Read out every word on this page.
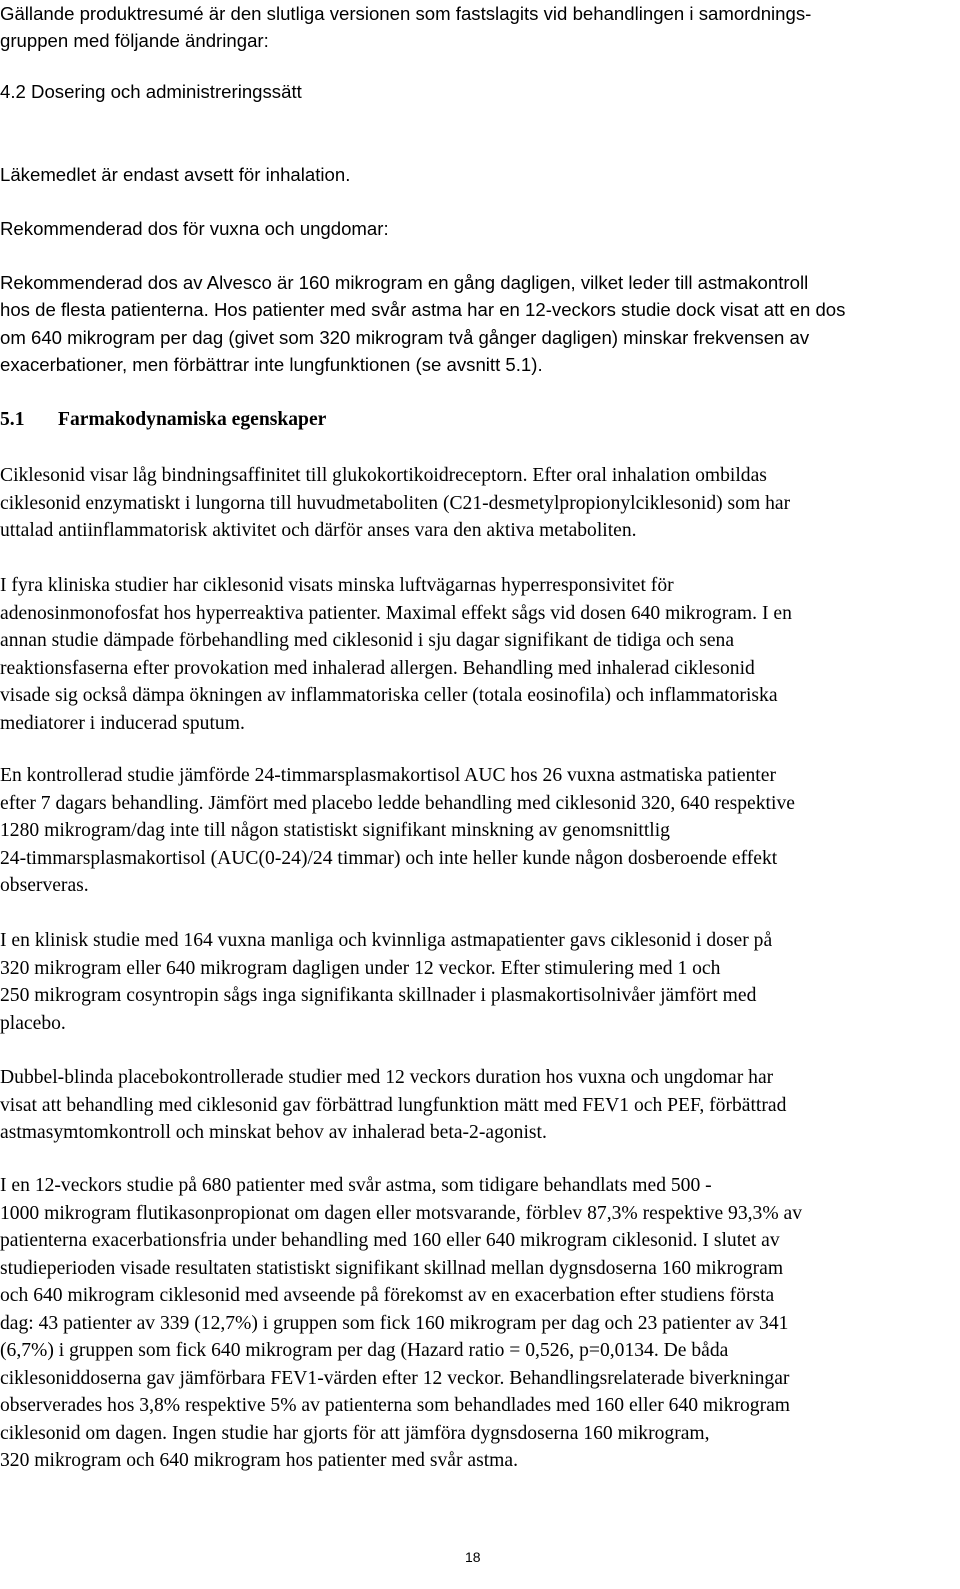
Gällande produktresumé är den slutliga versionen som fastslagits vid behandlingen i samordnings-
gruppen med följande ändringar:

4.2 Dosering och administreringssätt

Läkemedlet är endast avsett för inhalation.

Rekommenderad dos för vuxna och ungdomar:

Rekommenderad dos av Alvesco är 160 mikrogram en gång dagligen, vilket leder till astmakontroll
hos de flesta patienterna. Hos patienter med svår astma har en 12-veckors studie dock visat att en dos
om 640 mikrogram per dag (givet som 320 mikrogram två gånger dagligen) minskar frekvensen av
exacerbationer, men förbättrar inte lungfunktionen (se avsnitt 5.1).

5.1 Farmakodynamiska egenskaper

Ciklesonid visar låg bindningsaffinitet till glukokortikoidreceptorn. Efter oral inhalation ombildas
ciklesonid enzymatiskt i lungorna till huvudmetaboliten (C21-desmetylpropionylciklesonid) som har
uttalad antiinflammatorisk aktivitet och därför anses vara den aktiva metaboliten.
I fyra kliniska studier har ciklesonid visats minska luftvägarnas hyperresponsivitet för
adenosinmonofosfat hos hyperreaktiva patienter. Maximal effekt sågs vid dosen 640 mikrogram. I en
annan studie dämpade förbehandling med ciklesonid i sju dagar signifikant de tidiga och sena
reaktionsfaserna efter provokation med inhalerad allergen. Behandling med inhalerad ciklesonid
visade sig också dämpa ökningen av inflammatoriska celler (totala eosinofila) och inflammatoriska
mediatorer i inducerad sputum.
En kontrollerad studie jämförde 24-timmarsplasmakortisol AUC hos 26 vuxna astmatiska patienter
efter 7 dagars behandling. Jämfört med placebo ledde behandling med ciklesonid 320, 640 respektive
1280 mikrogram/dag inte till någon statistiskt signifikant minskning av genomsnittlig
24-timmarsplasmakortisol (AUC(0-24)/24 timmar) och inte heller kunde någon dosberoende effekt
observeras.
I en klinisk studie med 164 vuxna manliga och kvinnliga astmapatienter gavs ciklesonid i doser på
320 mikrogram eller 640 mikrogram dagligen under 12 veckor. Efter stimulering med 1 och
250 mikrogram cosyntropin sågs inga signifikanta skillnader i plasmakortisolnivåer jämfört med
placebo.
Dubbel-blinda placebokontrollerade studier med 12 veckors duration hos vuxna och ungdomar har
visat att behandling med ciklesonid gav förbättrad lungfunktion mätt med FEV1 och PEF, förbättrad
astmasymtomkontroll och minskat behov av inhalerad beta-2-agonist.
I en 12-veckors studie på 680 patienter med svår astma, som tidigare behandlats med 500 -
1000 mikrogram flutikasonpropionat om dagen eller motsvarande, förblev 87,3% respektive 93,3% av
patienterna exacerbationsfria under behandling med 160 eller 640 mikrogram ciklesonid. I slutet av
studieperioden visade resultaten statistiskt signifikant skillnad mellan dygnsdoserna 160 mikrogram
och 640 mikrogram ciklesonid med avseende på förekomst av en exacerbation efter studiens första
dag: 43 patienter av 339 (12,7%) i gruppen som fick 160 mikrogram per dag och 23 patienter av 341
(6,7%) i gruppen som fick 640 mikrogram per dag (Hazard ratio = 0,526, p=0,0134. De båda
ciklesoniddoserna gav jämförbara FEV1-värden efter 12 veckor. Behandlingsrelaterade biverkningar
observerades hos 3,8% respektive 5% av patienterna som behandlades med 160 eller 640 mikrogram
ciklesonid om dagen. Ingen studie har gjorts för att jämföra dygnsdoserna 160 mikrogram,
320 mikrogram och 640 mikrogram hos patienter med svår astma.
18
